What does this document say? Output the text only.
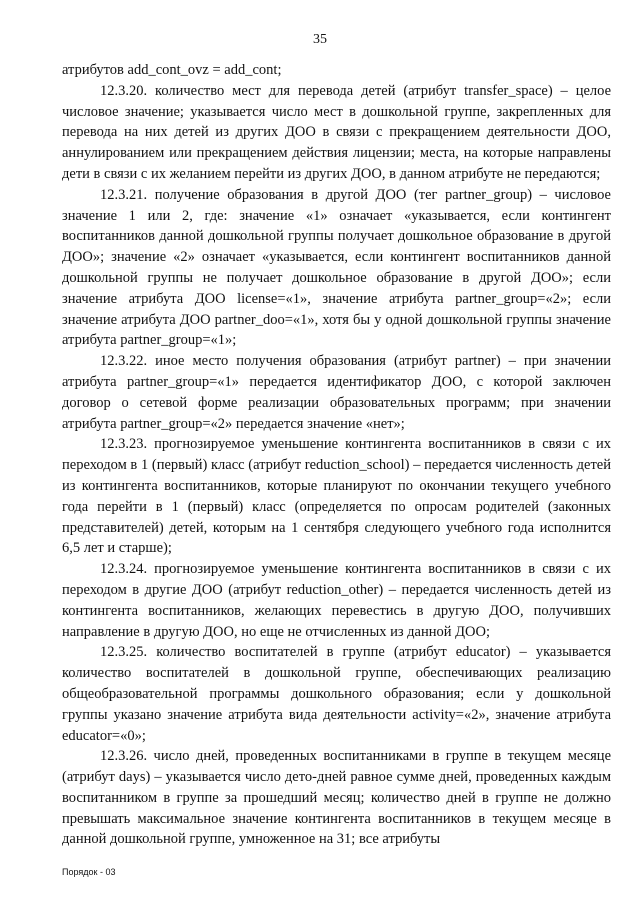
35

атрибутов add_cont_ovz = add_cont;

12.3.20. количество мест для перевода детей (атрибут transfer_space) – целое числовое значение; указывается число мест в дошкольной группе, закрепленных для перевода на них детей из других ДОО в связи с прекращением деятельности ДОО, аннулированием или прекращением действия лицензии; места, на которые направлены дети в связи с их желанием перейти из других ДОО, в данном атрибуте не передаются;

12.3.21. получение образования в другой ДОО (тег partner_group) – числовое значение 1 или 2, где: значение «1» означает «указывается, если контингент воспитанников данной дошкольной группы получает дошкольное образование в другой ДОО»; значение «2» означает «указывается, если контингент воспитанников данной дошкольной группы не получает дошкольное образование в другой ДОО»; если значение атрибута ДОО license=«1», значение атрибута partner_group=«2»; если значение атрибута ДОО partner_doo=«1», хотя бы у одной дошкольной группы значение атрибута partner_group=«1»;

12.3.22. иное место получения образования (атрибут partner) – при значении атрибута partner_group=«1» передается идентификатор ДОО, с которой заключен договор о сетевой форме реализации образовательных программ; при значении атрибута partner_group=«2» передается значение «нет»;

12.3.23. прогнозируемое уменьшение контингента воспитанников в связи с их переходом в 1 (первый) класс (атрибут reduction_school) – передается численность детей из контингента воспитанников, которые планируют по окончании текущего учебного года перейти в 1 (первый) класс (определяется по опросам родителей (законных представителей) детей, которым на 1 сентября следующего учебного года исполнится 6,5 лет и старше);

12.3.24. прогнозируемое уменьшение контингента воспитанников в связи с их переходом в другие ДОО (атрибут reduction_other) – передается численность детей из контингента воспитанников, желающих перевестись в другую ДОО, получивших направление в другую ДОО, но еще не отчисленных из данной ДОО;

12.3.25. количество воспитателей в группе (атрибут educator) – указывается количество воспитателей в дошкольной группе, обеспечивающих реализацию общеобразовательной программы дошкольного образования; если у дошкольной группы указано значение атрибута вида деятельности activity=«2», значение атрибута educator=«0»;

12.3.26. число дней, проведенных воспитанниками в группе в текущем месяце (атрибут days) – указывается число дето-дней равное сумме дней, проведенных каждым воспитанником в группе за прошедший месяц; количество дней в группе не должно превышать максимальное значение контингента воспитанников в текущем месяце в данной дошкольной группе, умноженное на 31; все атрибуты

Порядок - 03
